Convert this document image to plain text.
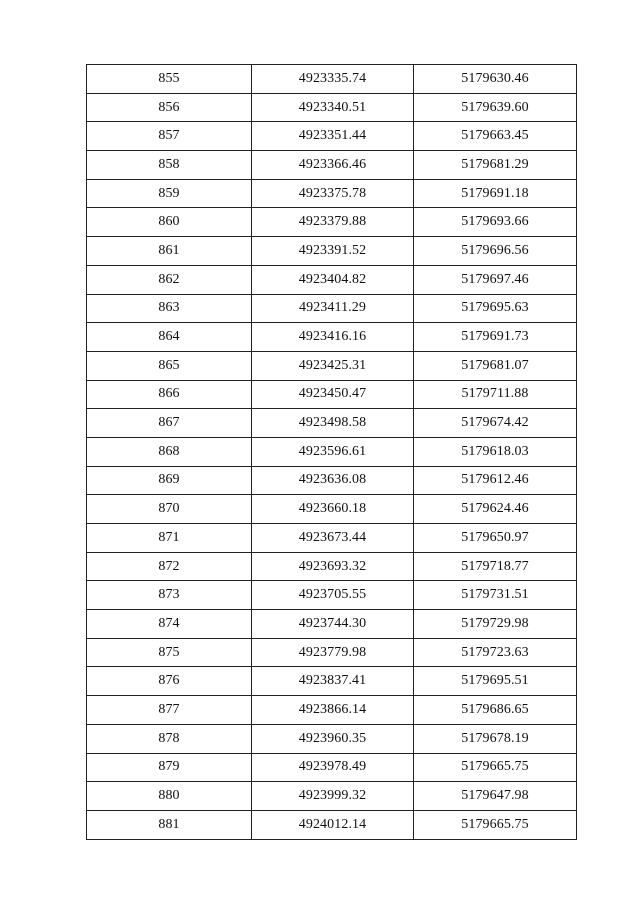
855	4923335.74	5179630.46
856	4923340.51	5179639.60
857	4923351.44	5179663.45
858	4923366.46	5179681.29
859	4923375.78	5179691.18
860	4923379.88	5179693.66
861	4923391.52	5179696.56
862	4923404.82	5179697.46
863	4923411.29	5179695.63
864	4923416.16	5179691.73
865	4923425.31	5179681.07
866	4923450.47	5179711.88
867	4923498.58	5179674.42
868	4923596.61	5179618.03
869	4923636.08	5179612.46
870	4923660.18	5179624.46
871	4923673.44	5179650.97
872	4923693.32	5179718.77
873	4923705.55	5179731.51
874	4923744.30	5179729.98
875	4923779.98	5179723.63
876	4923837.41	5179695.51
877	4923866.14	5179686.65
878	4923960.35	5179678.19
879	4923978.49	5179665.75
880	4923999.32	5179647.98
881	4924012.14	5179665.75
